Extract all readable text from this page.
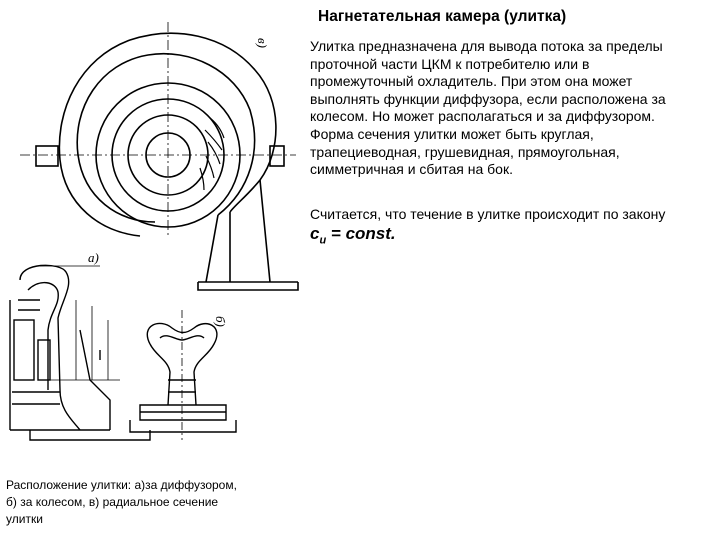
в)
а)
б)
Нагнетательная камера (улитка)
Улитка предназначена для вывода потока за пределы
проточной части ЦКМ к потребителю или в
промежуточный охладитель. При этом она может
выполнять функции диффузора, если расположена за
колесом. Но может располагаться и за диффузором.
Форма сечения улитки может быть круглая,
трапециеводная, грушевидная, прямоугольная,
симметричная и сбитая на бок.
Считается, что течение в улитке происходит по закону
$c_u$ = const.
Расположение улитки: а)за диффузором,
б) за колесом, в) радиальное сечение
улитки
